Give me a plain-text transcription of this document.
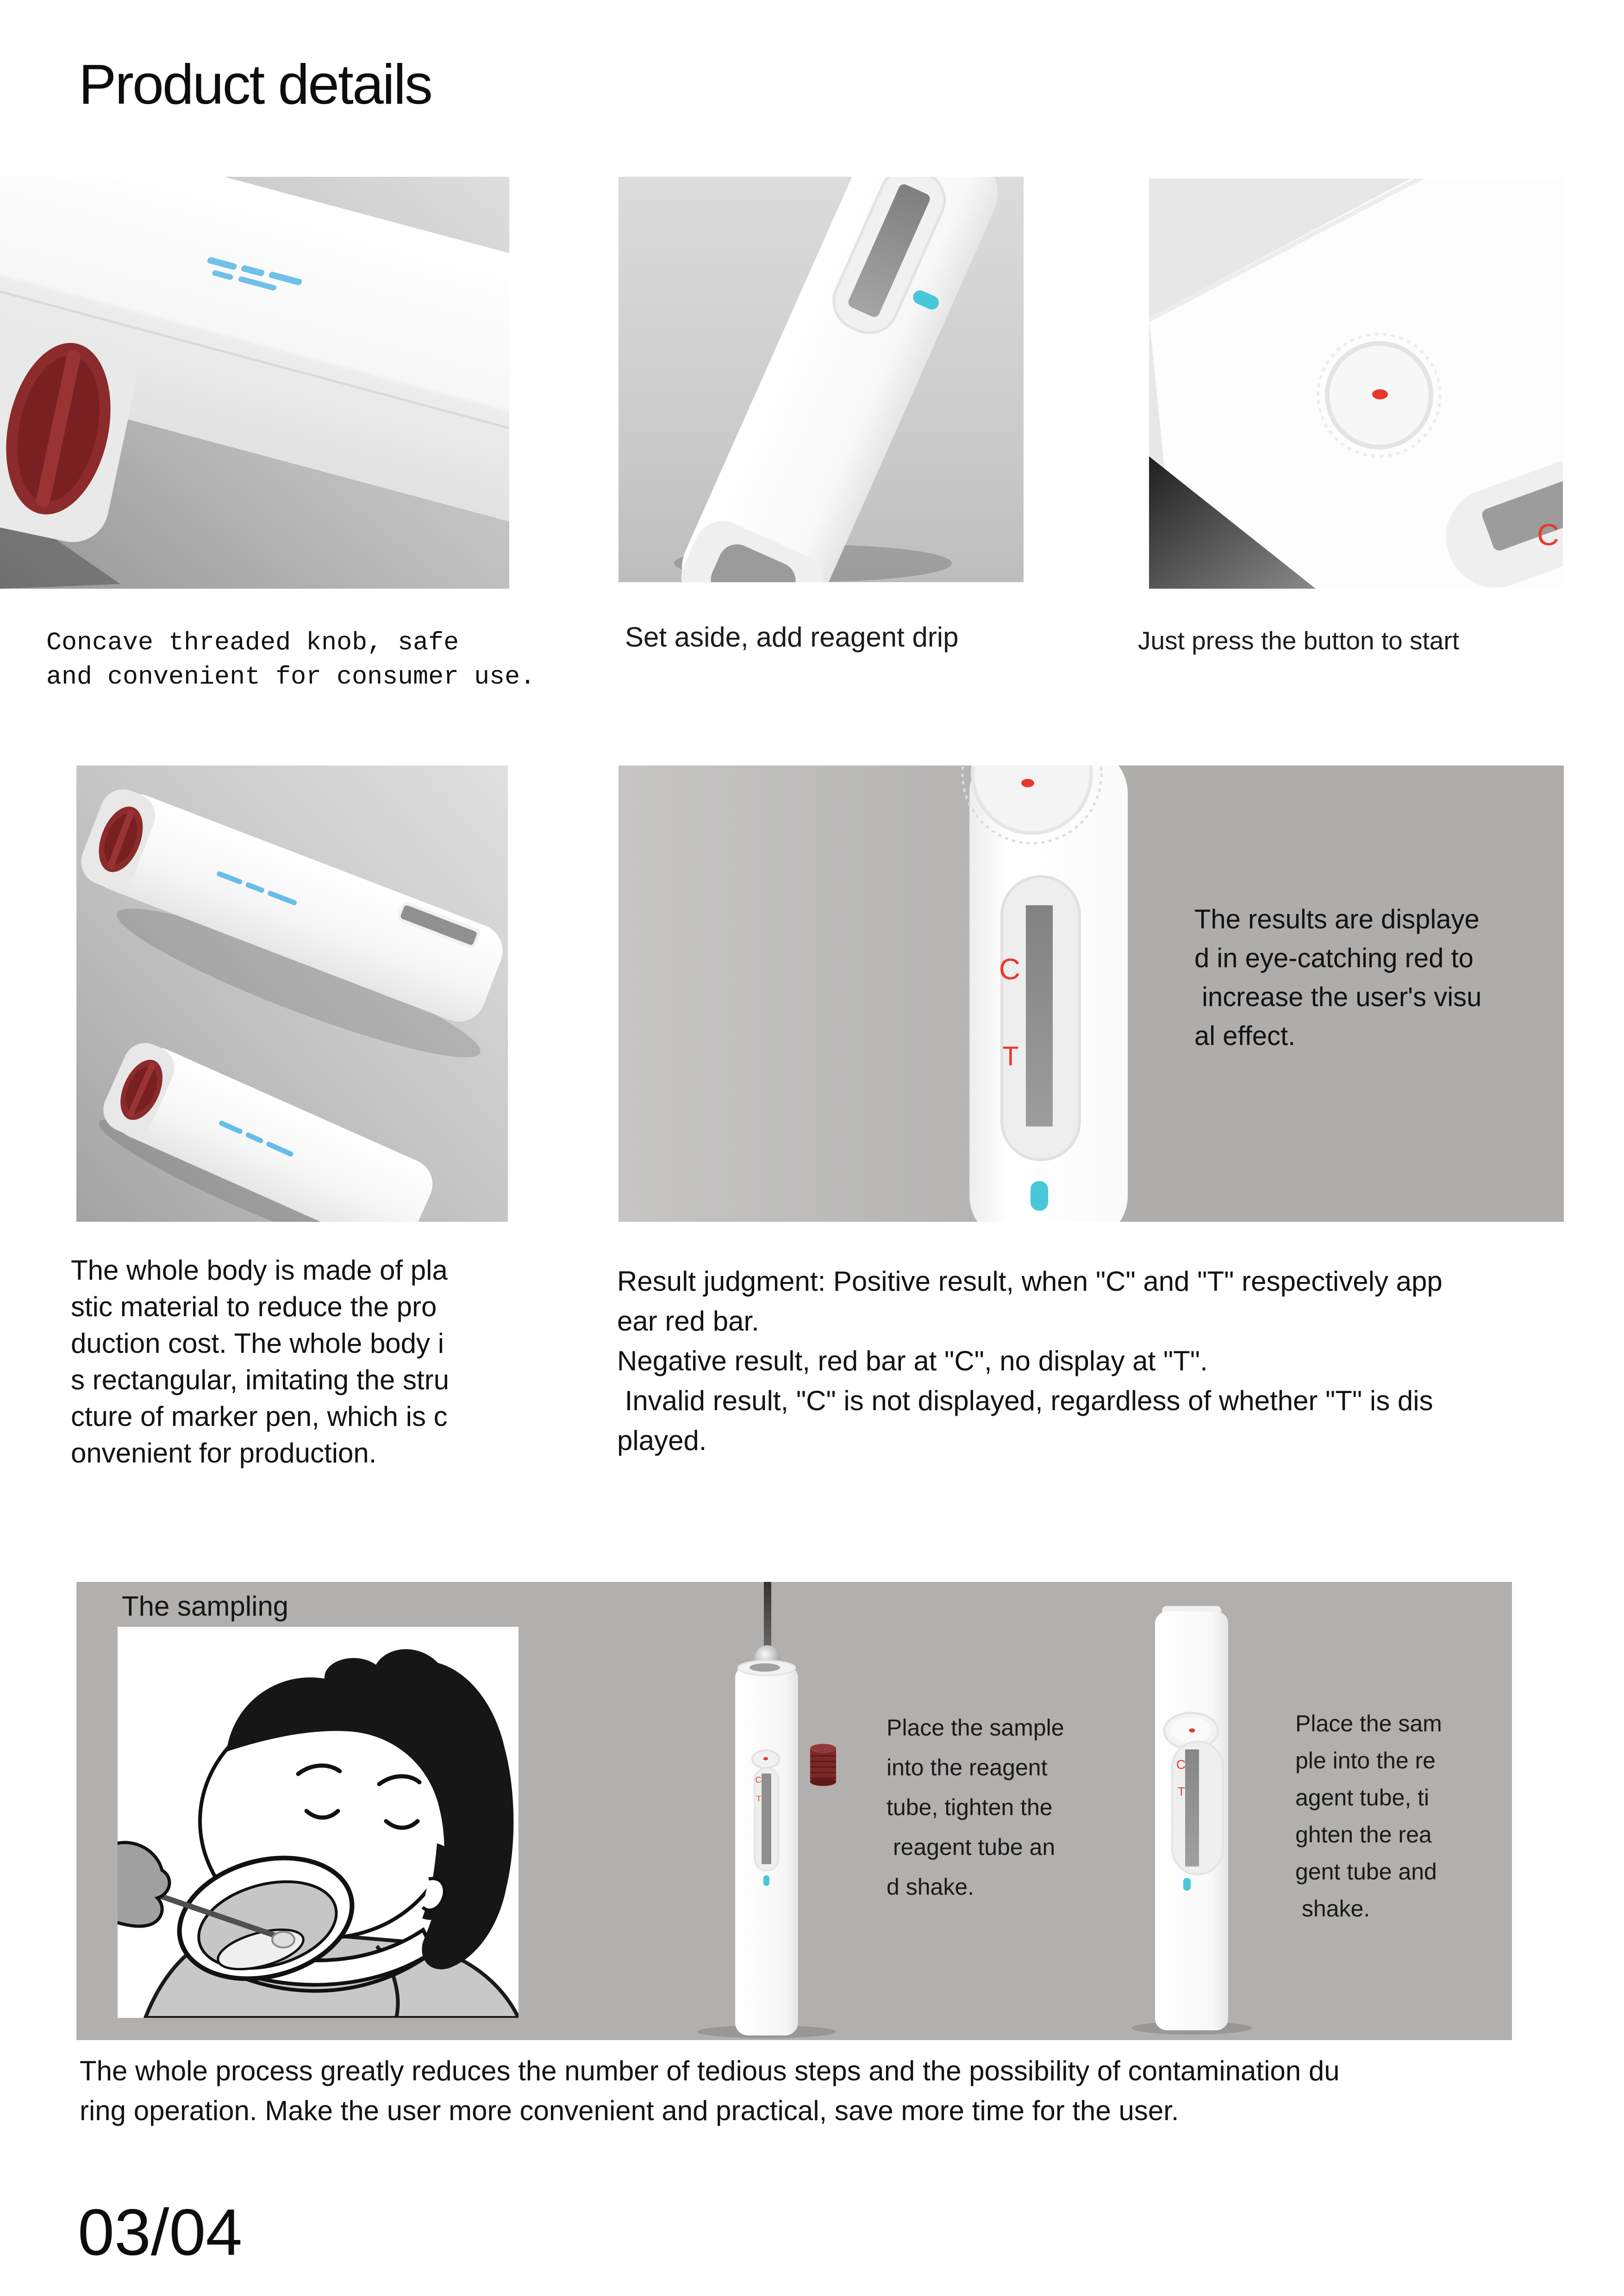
Product details
C
Concave threaded knob, safe
and convenient for consumer use.
Set aside, add reagent drip	Just press the button to start
C
T
The results are displaye
d in eye-catching red to
increase the user's visu
al effect.
The whole body is made of pla
stic material to reduce the pro
duction cost. The whole body i
s rectangular, imitating the stru
cture of marker pen, which is c
onvenient for production.
Result judgment: Positive result, when "C" and "T" respectively app
ear red bar.
Negative result, red bar at "C", no display at "T".
Invalid result, "C" is not displayed, regardless of whether "T" is dis
played.
The sampling
C
T
C
T
Place the sample
into the reagent
tube, tighten the
reagent tube an
d shake.
Place the sam
ple into the re
agent tube, ti
ghten the rea
gent tube and
shake.
The whole process greatly reduces the number of tedious steps and the possibility of contamination du
ring operation. Make the user more convenient and practical, save more time for the user.
03/04
